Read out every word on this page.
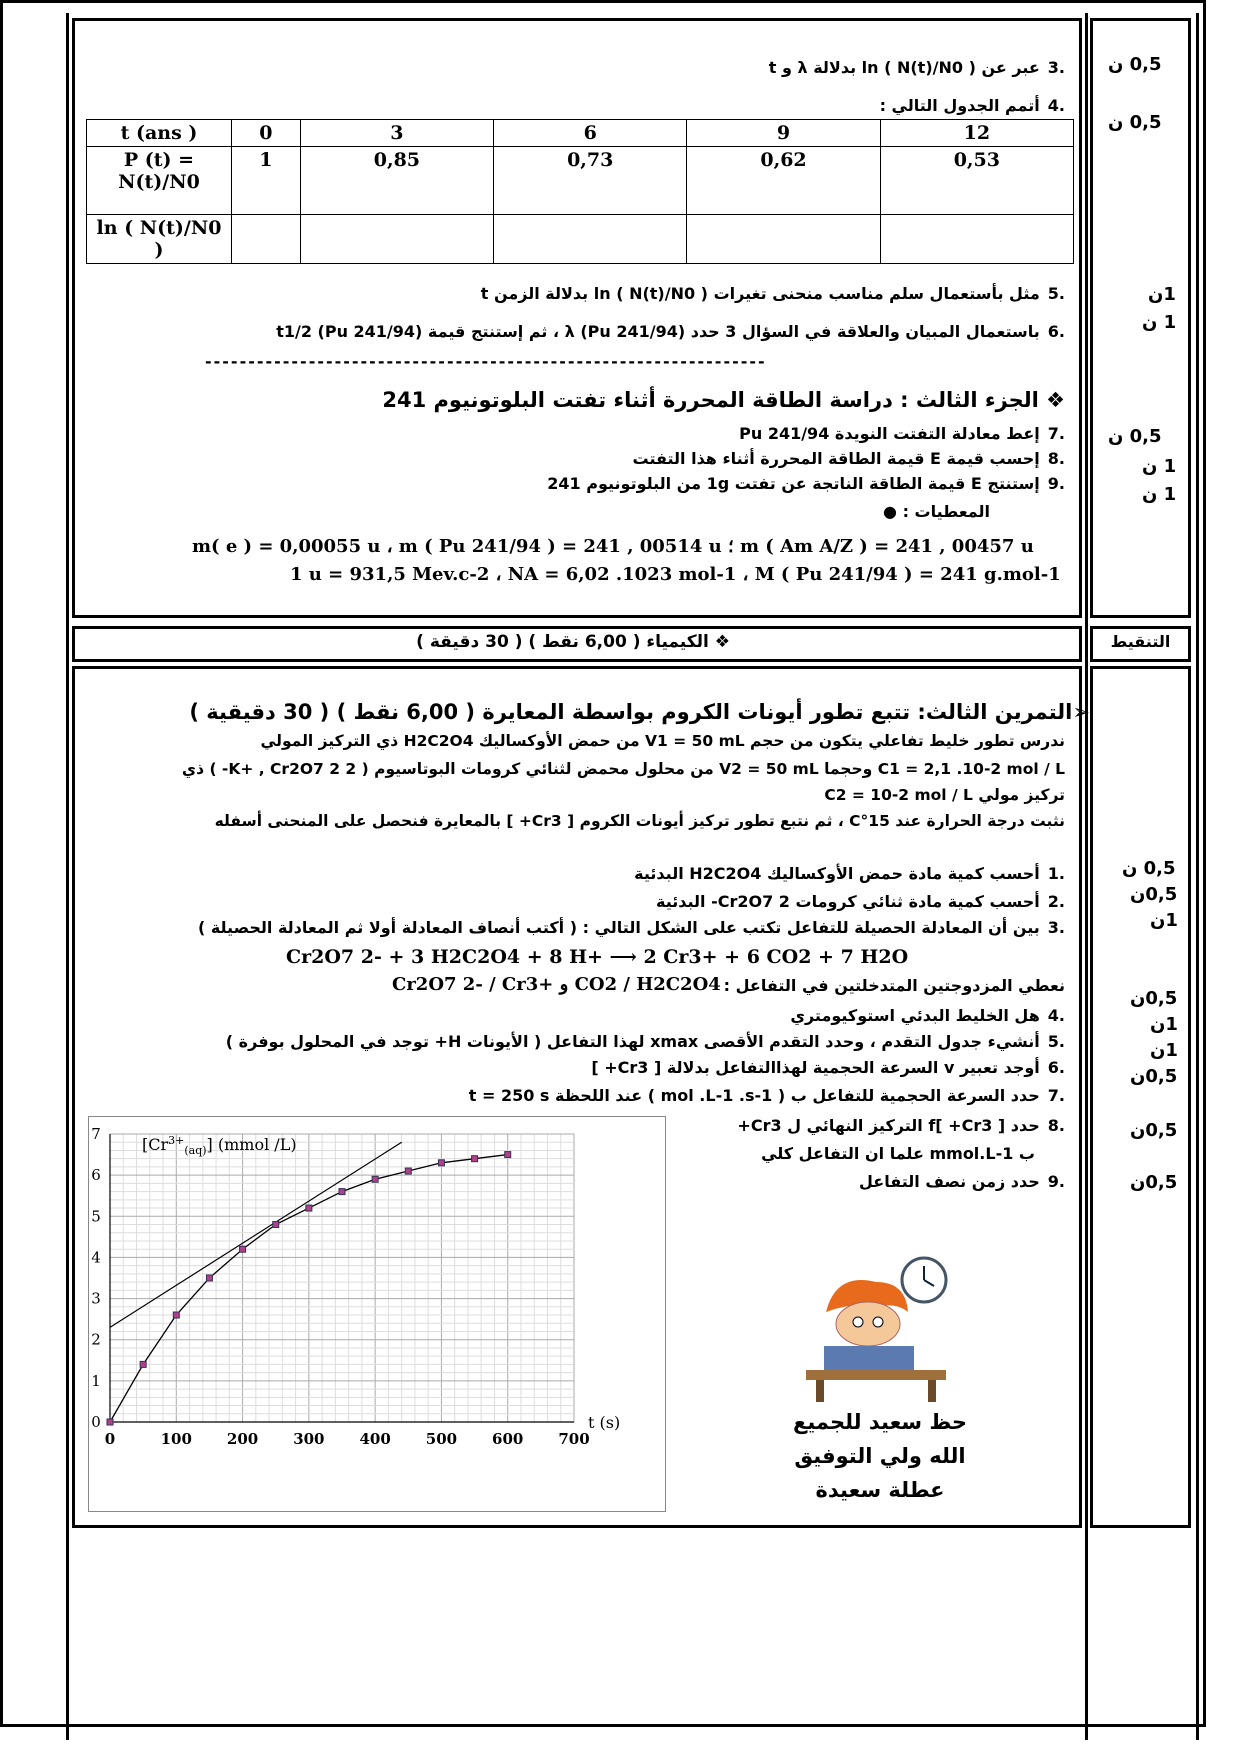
.3عبر عن ln ( N(t)/N0 ) بدلالة λ و t
.4أتمم الجدول التالي :
t (ans )	0	3	6	9	12
P (t) = N(t)/N0	1	0,85	0,73	0,62	0,53
ln ( N(t)/N0 )					
.5مثل بأستعمال سلم مناسب منحنى تغيرات ln ( N(t)/N0 ) بدلالة الزمن t
.6باستعمال المبيان والعلاقة في السؤال 3 حدد (Pu 241/94) λ ، ثم إستنتج قيمة t1/2 (Pu 241/94)
-----------------------------------------------------------------
❖ الجزء الثالث : دراسة الطاقة المحررة أثناء تفتت البلوتونيوم 241
.7إعط معادلة التفتت النويدة Pu 241/94
.8إحسب قيمة E قيمة الطاقة المحررة أثناء هذا التفتت
.9إستنتج E قيمة الطاقة الناتجة عن تفتت 1g من البلوتونيوم 241
المعطيات : ●
m( e ) = 0,00055 u ، m ( Pu 241/94 ) = 241 , 00514 u ؛ m ( Am A/Z ) = 241 , 00457 u
1 u = 931,5 Mev.c-2 ، NA = 6,02 .1023 mol-1 ، M ( Pu 241/94 ) = 241 g.mol-1
0,5 ن
0,5 ن
1ن
1 ن
0,5 ن
1 ن
1 ن
❖ الكيمياء ( 6,00 نقط ) ( 30 دقيقة )	التنقيط
➢التمرين الثالث: تتبع تطور أيونات الكروم بواسطة المعايرة ( 6,00 نقط ) ( 30 دقيقية )
ندرس تطور خليط تفاعلي يتكون من حجم V1 = 50 mL من حمض الأوكساليك H2C2O4 ذي التركيز المولي
C1 = 2,1 .10-2 mol / L وحجما V2 = 50 mL من محلول محمض لثنائي كرومات البوتاسيوم ( 2 K+ , Cr2O7 2- ) ذي
تركيز مولي C2 = 10-2 mol / L
نثبت درجة الحرارة عند 15°C ، ثم نتبع تطور تركيز أيونات الكروم [ Cr3+ ] بالمعايرة فنحصل على المنحنى أسفله
.1أحسب كمية مادة حمض الأوكساليك H2C2O4 البدئية
.2أحسب كمية مادة ثنائي كرومات Cr2O7 2- البدئية
.3بين أن المعادلة الحصيلة للتفاعل تكتب على الشكل التالي : ( أكتب أنصاف المعادلة أولا ثم المعادلة الحصيلة )
Cr2O7 2- + 3 H2C2O4 + 8 H+ ⟶ 2 Cr3+ + 6 CO2 + 7 H2O
نعطي المزدوجتين المتدخلتين في التفاعل :
Cr2O7 2- / Cr3+ و CO2 / H2C2O4
.4هل الخليط البدئي استوكيومتري
.5أنشيء جدول التقدم ، وحدد التقدم الأقصى xmax لهذا التفاعل ( الأيونات H+ توجد في المحلول بوفرة )
.6أوجد تعبير v السرعة الحجمية لهذاالتفاعل بدلالة [ Cr3+ ]
.7حدد السرعة الحجمية للتفاعل ب ( mol .L-1 .s-1 ) عند اللحظة t = 250 s
.8حدد [ Cr3+ ]f التركيز النهائي ل Cr3+
ب mmol.L-1 علما ان التفاعل كلي
.9حدد زمن نصف التفاعل
0,5 ن
0,5ن
1ن
0,5ن
1ن
1ن
0,5ن
0,5ن
0,5ن
0	100 200 300 400 500 600 700
0
1
2
3
4
5
6
7
$[Cr^{3+}_{(aq)}]$ (mmol /L)
t (s)	حظ سعيد للجميع
الله ولي التوفيق
عطلة سعيدة
